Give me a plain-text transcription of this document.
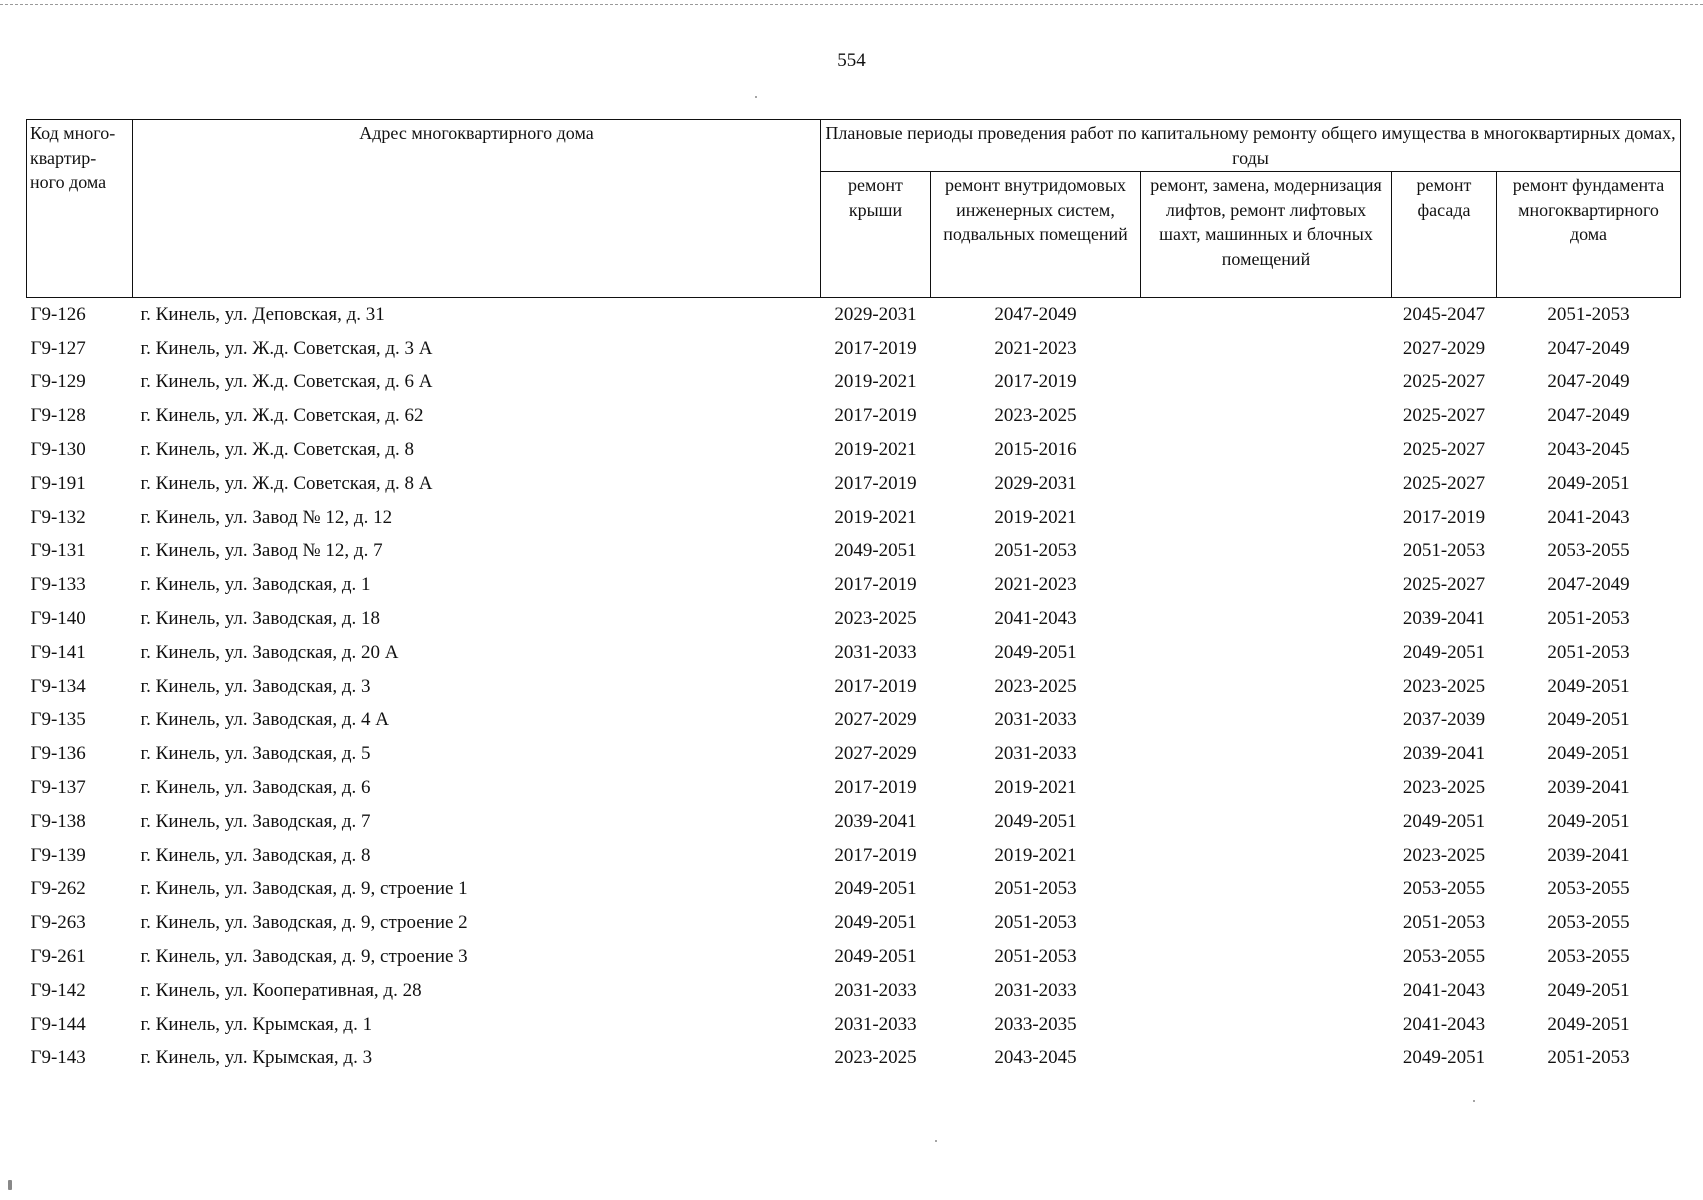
554
Код много-квартир-ного дома	Адрес многоквартирного дома	Плановые периоды проведения работ по капитальному ремонту общего имущества в многоквартирных домах, годы				
		ремонт крыши	ремонт внутридомовых инженерных систем, подвальных помещений	ремонт, замена, модернизация лифтов, ремонт лифтовых шахт, машинных и блочных помещений	ремонт фасада	ремонт фундамента многоквартирного дома
Г9-126	г. Кинель, ул. Деповская, д. 31	2029-2031	2047-2049		2045-2047	2051-2053
Г9-127	г. Кинель, ул. Ж.д. Советская, д. 3 А	2017-2019	2021-2023		2027-2029	2047-2049
Г9-129	г. Кинель, ул. Ж.д. Советская, д. 6 А	2019-2021	2017-2019		2025-2027	2047-2049
Г9-128	г. Кинель, ул. Ж.д. Советская, д. 62	2017-2019	2023-2025		2025-2027	2047-2049
Г9-130	г. Кинель, ул. Ж.д. Советская, д. 8	2019-2021	2015-2016		2025-2027	2043-2045
Г9-191	г. Кинель, ул. Ж.д. Советская, д. 8 А	2017-2019	2029-2031		2025-2027	2049-2051
Г9-132	г. Кинель, ул. Завод № 12, д. 12	2019-2021	2019-2021		2017-2019	2041-2043
Г9-131	г. Кинель, ул. Завод № 12, д. 7	2049-2051	2051-2053		2051-2053	2053-2055
Г9-133	г. Кинель, ул. Заводская, д. 1	2017-2019	2021-2023		2025-2027	2047-2049
Г9-140	г. Кинель, ул. Заводская, д. 18	2023-2025	2041-2043		2039-2041	2051-2053
Г9-141	г. Кинель, ул. Заводская, д. 20 А	2031-2033	2049-2051		2049-2051	2051-2053
Г9-134	г. Кинель, ул. Заводская, д. 3	2017-2019	2023-2025		2023-2025	2049-2051
Г9-135	г. Кинель, ул. Заводская, д. 4 А	2027-2029	2031-2033		2037-2039	2049-2051
Г9-136	г. Кинель, ул. Заводская, д. 5	2027-2029	2031-2033		2039-2041	2049-2051
Г9-137	г. Кинель, ул. Заводская, д. 6	2017-2019	2019-2021		2023-2025	2039-2041
Г9-138	г. Кинель, ул. Заводская, д. 7	2039-2041	2049-2051		2049-2051	2049-2051
Г9-139	г. Кинель, ул. Заводская, д. 8	2017-2019	2019-2021		2023-2025	2039-2041
Г9-262	г. Кинель, ул. Заводская, д. 9, строение 1	2049-2051	2051-2053		2053-2055	2053-2055
Г9-263	г. Кинель, ул. Заводская, д. 9, строение 2	2049-2051	2051-2053		2051-2053	2053-2055
Г9-261	г. Кинель, ул. Заводская, д. 9, строение 3	2049-2051	2051-2053		2053-2055	2053-2055
Г9-142	г. Кинель, ул. Кооперативная, д. 28	2031-2033	2031-2033		2041-2043	2049-2051
Г9-144	г. Кинель, ул. Крымская, д. 1	2031-2033	2033-2035		2041-2043	2049-2051
Г9-143	г. Кинель, ул. Крымская, д. 3	2023-2025	2043-2045		2049-2051	2051-2053
